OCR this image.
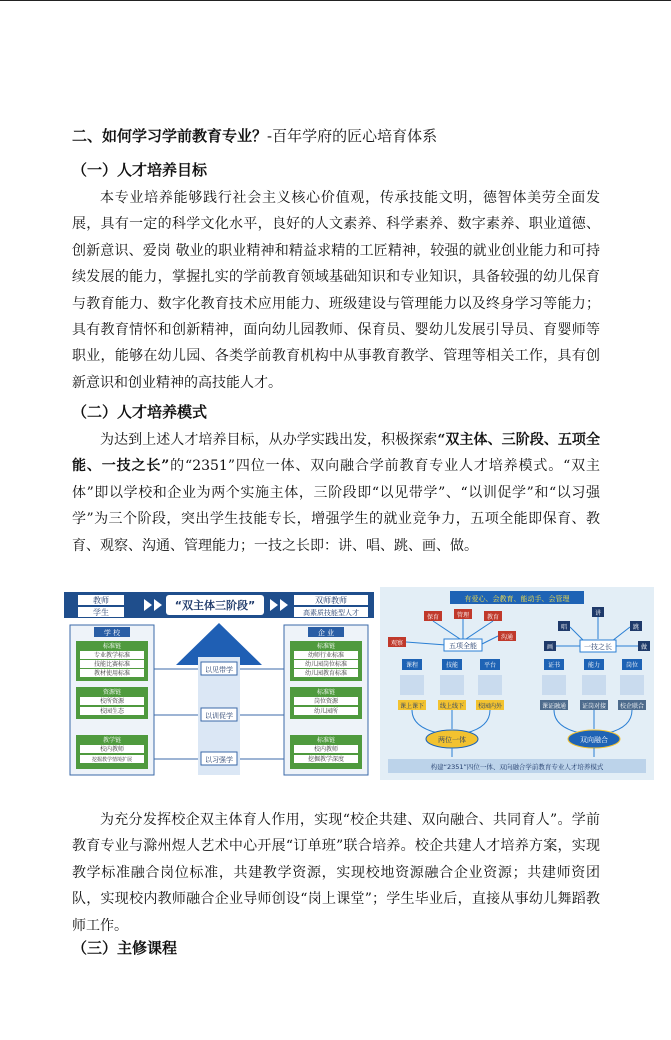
二、如何学习学前教育专业？-百年学府的匠心培育体系
（一）人才培养目标

本专业培养能够践行社会主义核心价值观，传承技能文明，德智体美劳全面发展，具有一定的科学文化水平，良好的人文素养、科学素养、数字素养、职业道德、创新意识、爱岗 敬业的职业精神和精益求精的工匠精神，较强的就业创业能力和可持续发展的能力，掌握扎实的学前教育领域基础知识和专业知识，具备较强的幼儿保育与教育能力、数字化教育技术应用能力、班级建设与管理能力以及终身学习等能力；具有教育情怀和创新精神，面向幼儿园教师、保育员、婴幼儿发展引导员、育婴师等职业，能够在幼儿园、各类学前教育机构中从事教育教学、管理等相关工作，具有创新意识和创业精神的高技能人才。

（二）人才培养模式

为达到上述人才培养目标，从办学实践出发，积极探索“双主体、三阶段、五项全能、一技之长”的“2351”四位一体、双向融合学前教育专业人才培养模式。“双主体”即以学校和企业为两个实施主体，三阶段即“以见带学”、“以训促学”和“以习强学”为三个阶段，突出学生技能专长，增强学生的就业竞争力，五项全能即保育、教育、观察、沟通、管理能力；一技之长即：讲、唱、跳、画、做。

教师
学生
“双主体三阶段”	双师教师
高素质技能型人才
学 校
标准链
专业教学标准
技能比赛标准
教材使用标准
资源链
校所资源
校园生态
教学链
校内教师
挖掘教学情境扩展
企 业
标准链
幼师行业标准
幼儿园岗位标准
幼儿园教育标准
标准链
岗位资源
幼儿园所
标准链
校内教师
挖掘教学深度
以见带学
以训促学
以习强学
有爱心、会教育、能动手、会管理
保育	教育
观察
沟通
管理
五项全能
讲
唱	跳
画	做
一技之长
课程	技能	平台	证书	能力	岗位
课上课下	线上线下 校园内外	课证融通	证岗对接 校企联合
两位一体	双向融合
构建“2351”四位一体、双向融合学前教育专业人才培养模式

为充分发挥校企双主体育人作用，实现“校企共建、双向融合、共同育人”。学前教育专业与滁州煜人艺术中心开展“订单班”联合培养。校企共建人才培养方案，实现教学标准融合岗位标准，共建教学资源，实现校地资源融合企业资源；共建师资团队，实现校内教师融合企业导师创设“岗上课堂”；学生毕业后，直接从事幼儿舞蹈教师工作。

（三）主修课程
